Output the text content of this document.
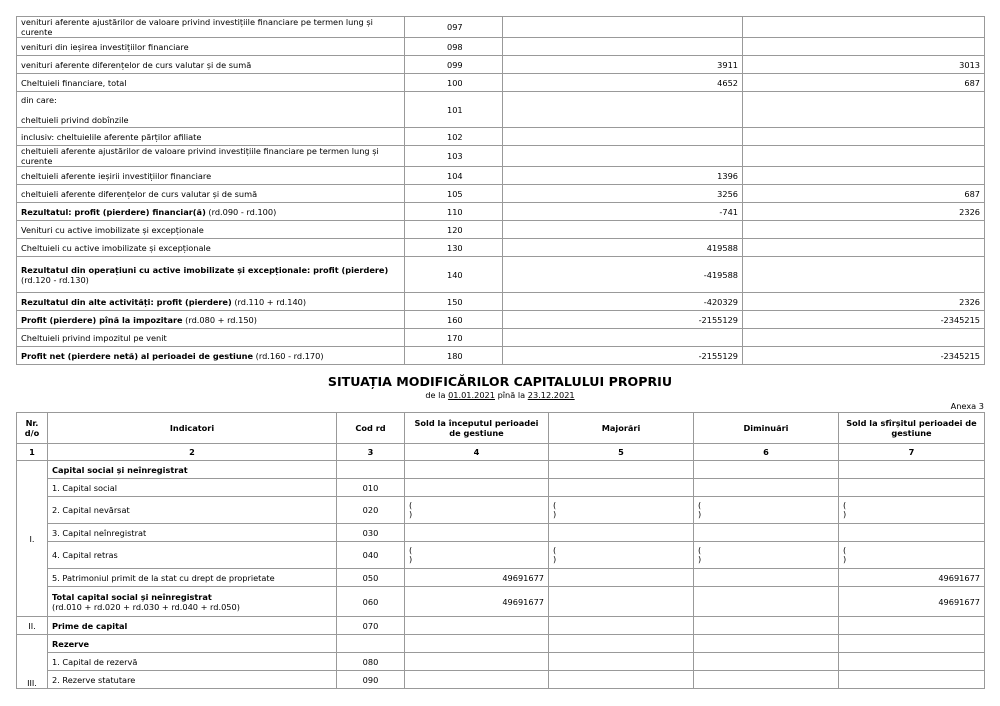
venituri aferente ajustărilor de valoare privind investițiile financiare pe termen lung și curente	097		
venituri din ieșirea investițiilor financiare	098		
venituri aferente diferențelor de curs valutar și de sumă	099	3911	3013
Cheltuieli financiare, total	100	4652	687
din care:

cheltuieli privind dobînzile	101		
inclusiv: cheltuielile aferente părților afiliate	102		
cheltuieli aferente ajustărilor de valoare privind investițiile financiare pe termen lung și curente	103		
cheltuieli aferente ieșirii investițiilor financiare	104	1396	
cheltuieli aferente diferențelor de curs valutar și de sumă	105	3256	687
Rezultatul: profit (pierdere) financiar(ă) (rd.090 - rd.100)	110	-741	2326
Venituri cu active imobilizate și excepționale	120		
Cheltuieli cu active imobilizate și excepționale	130	419588	
Rezultatul din operațiuni cu active imobilizate și excepționale: profit (pierdere)
(rd.120 - rd.130)	140	-419588	
Rezultatul din alte activități: profit (pierdere) (rd.110 + rd.140)	150	-420329	2326
Profit (pierdere) pînă la impozitare (rd.080 + rd.150)	160	-2155129	-2345215
Cheltuieli privind impozitul pe venit	170		
Profit net (pierdere netă) al perioadei de gestiune (rd.160 - rd.170)	180	-2155129	-2345215
SITUAȚIA MODIFICĂRILOR CAPITALULUI PROPRIU
de la 01.01.2021 pînă la 23.12.2021
Anexa 3
Nr. d/o	Indicatori	Cod rd	Sold la începutul perioadei de gestiune	Majorări	Diminuări	Sold la sfîrșitul perioadei de gestiune
1	2	3	4	5	6	7
I.	Capital social și neînregistrat					
	1. Capital social	010				
	2. Capital nevărsat	020	(
)	(
)	(
)	(
)

	3. Capital neînregistrat	030				
	4. Capital retras	040	(
)	(
)	(
)	(
)

	5. Patrimoniul primit de la stat cu drept de proprietate	050	49691677			49691677
	Total capital social și neînregistrat
(rd.010 + rd.020 + rd.030 + rd.040 + rd.050)	060	49691677			49691677
II.	Prime de capital	070				
III.	Rezerve					
	1. Capital de rezervă	080				
	2. Rezerve statutare	090				
